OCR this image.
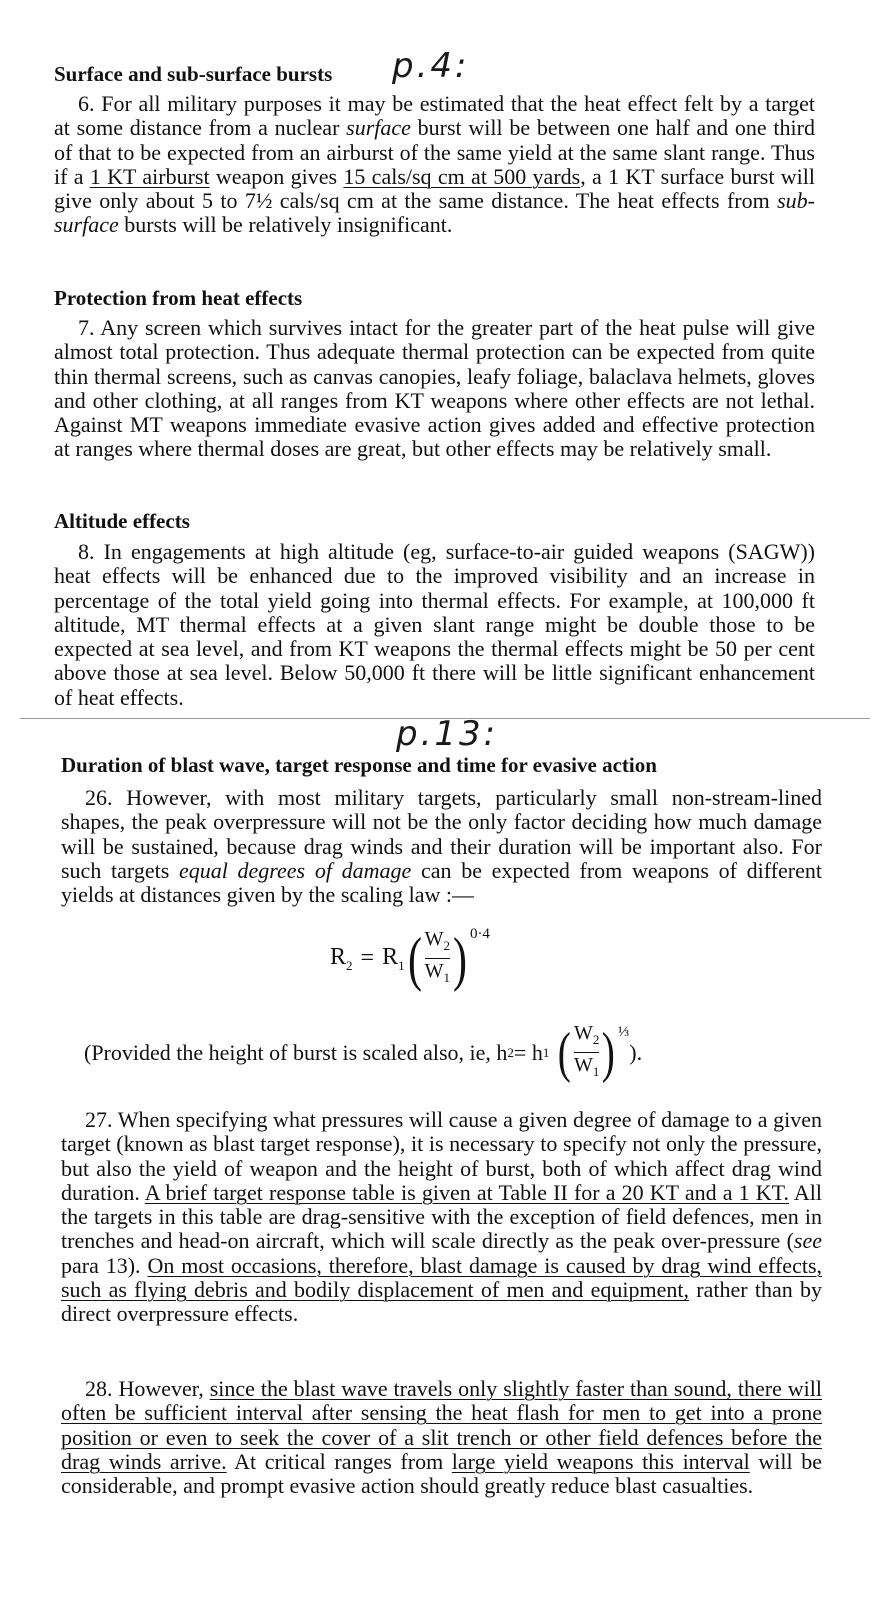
Surface and sub-surface bursts p.4:

6. For all military purposes it may be estimated that the heat effect felt by a target at some distance from a nuclear surface burst will be between one half and one third of that to be expected from an airburst of the same yield at the same slant range. Thus if a 1 KT airburst weapon gives 15 cals/sq cm at 500 yards, a 1 KT surface burst will give only about 5 to 7½ cals/sq cm at the same distance. The heat effects from sub-surface bursts will be relatively insignificant.

Protection from heat effects

7. Any screen which survives intact for the greater part of the heat pulse will give almost total protection. Thus adequate thermal protection can be expected from quite thin thermal screens, such as canvas canopies, leafy foliage, balaclava helmets, gloves and other clothing, at all ranges from KT weapons where other effects are not lethal. Against MT weapons immediate evasive action gives added and effective protection at ranges where thermal doses are great, but other effects may be relatively small.

Altitude effects

8. In engagements at high altitude (eg, surface-to-air guided weapons (SAGW)) heat effects will be enhanced due to the improved visibility and an increase in percentage of the total yield going into thermal effects. For example, at 100,000 ft altitude, MT thermal effects at a given slant range might be double those to be expected at sea level, and from KT weapons the thermal effects might be 50 per cent above those at sea level. Below 50,000 ft there will be little significant enhancement of heat effects.

p.13:
Duration of blast wave, target response and time for evasive action

26. However, with most military targets, particularly small non-stream-lined shapes, the peak overpressure will not be the only factor deciding how much damage will be sustained, because drag winds and their duration will be important also. For such targets equal degrees of damage can be expected from weapons of different yields at distances given by the scaling law :—

$R_2 = R_1$ ( $\frac{W_2}{W_1}$ ) 0·4
(Provided the height of burst is scaled also, ie, h 2 = h 1 ( $\frac{W_2}{W_1}$ ) ⅓
).

27. When specifying what pressures will cause a given degree of damage to a given target (known as blast target response), it is necessary to specify not only the pressure, but also the yield of weapon and the height of burst, both of which affect drag wind duration. A brief target response table is given at Table II for a 20 KT and a 1 KT. All the targets in this table are drag-sensitive with the exception of field defences, men in trenches and head-on aircraft, which will scale directly as the peak over-pressure (see para 13). On most occasions, therefore, blast damage is caused by drag wind effects, such as flying debris and bodily displacement of men and equipment, rather than by direct overpressure effects.

28. However, since the blast wave travels only slightly faster than sound, there will often be sufficient interval after sensing the heat flash for men to get into a prone position or even to seek the cover of a slit trench or other field defences before the drag winds arrive. At critical ranges from large yield weapons this interval will be considerable, and prompt evasive action should greatly reduce blast casualties.
